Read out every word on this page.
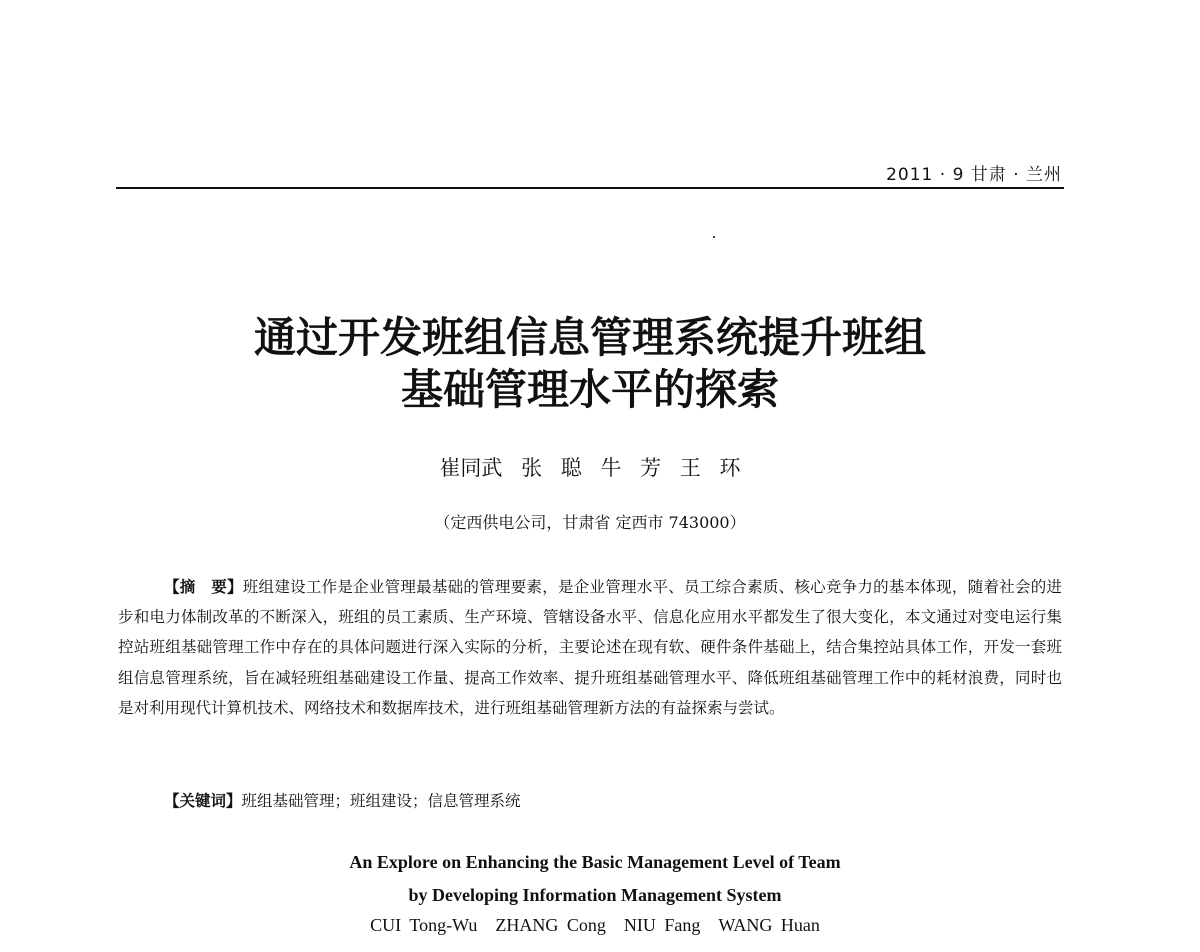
2011 · 9 甘肃 · 兰州
通过开发班组信息管理系统提升班组
基础管理水平的探索
崔同武 张 聪 牛 芳 王 环
（定西供电公司，甘肃省 定西市 743000）

【摘　要】班组建设工作是企业管理最基础的管理要素，是企业管理水平、员工综合素质、核心竞争力的基本体现，随着社会的进步和电力体制改革的不断深入，班组的员工素质、生产环境、管辖设备水平、信息化应用水平都发生了很大变化，本文通过对变电运行集控站班组基础管理工作中存在的具体问题进行深入实际的分析，主要论述在现有软、硬件条件基础上，结合集控站具体工作，开发一套班组信息管理系统，旨在减轻班组基础建设工作量、提高工作效率、提升班组基础管理水平、降低班组基础管理工作中的耗材浪费，同时也是对利用现代计算机技术、网络技术和数据库技术，进行班组基础管理新方法的有益探索与尝试。

【关键词】班组基础管理；班组建设；信息管理系统

An Explore on Enhancing the Basic Management Level of Team
by Developing Information Management System
CUI Tong-Wu ZHANG Cong NIU Fang WANG Huan
